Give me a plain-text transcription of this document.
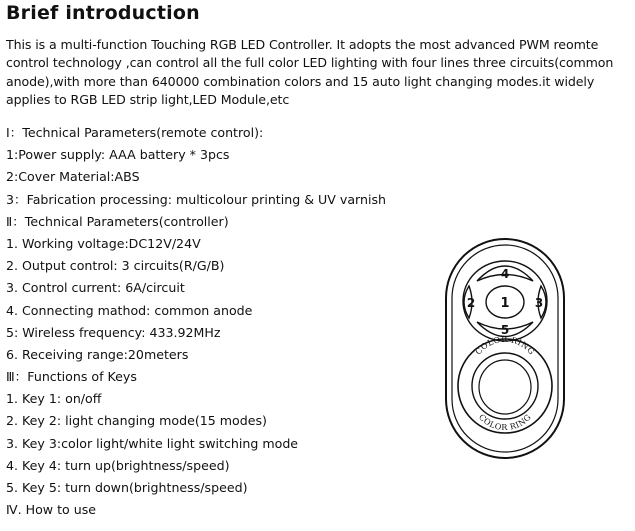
Brief introduction

This is a multi-function Touching RGB LED Controller. It adopts the most advanced PWM reomte control technology ,can control all the full color LED lighting with four lines three circuits(common anode),with more than 640000 combination colors and 15 auto light changing modes.it widely applies to RGB LED strip light,LED Module,etc

Ⅰ：Technical Parameters(remote control):
1:Power supply: AAA battery * 3pcs
2:Cover Material:ABS
3：Fabrication processing: multicolour printing & UV varnish
Ⅱ：Technical Parameters(controller)
1. Working voltage:DC12V/24V
2. Output control: 3 circuits(R/G/B)
3. Control current: 6A/circuit
4. Connecting mathod: common anode
5: Wireless frequency: 433.92MHz
6. Receiving range:20meters
Ⅲ：Functions of Keys
1. Key 1: on/off
2. Key 2: light changing mode(15 modes)
3. Key 3:color light/white light switching mode
4. Key 4: turn up(brightness/speed)
5. Key 5: turn down(brightness/speed)
Ⅳ. How to use
4
1
2	3
5
COLOR RING
COLOR RING
